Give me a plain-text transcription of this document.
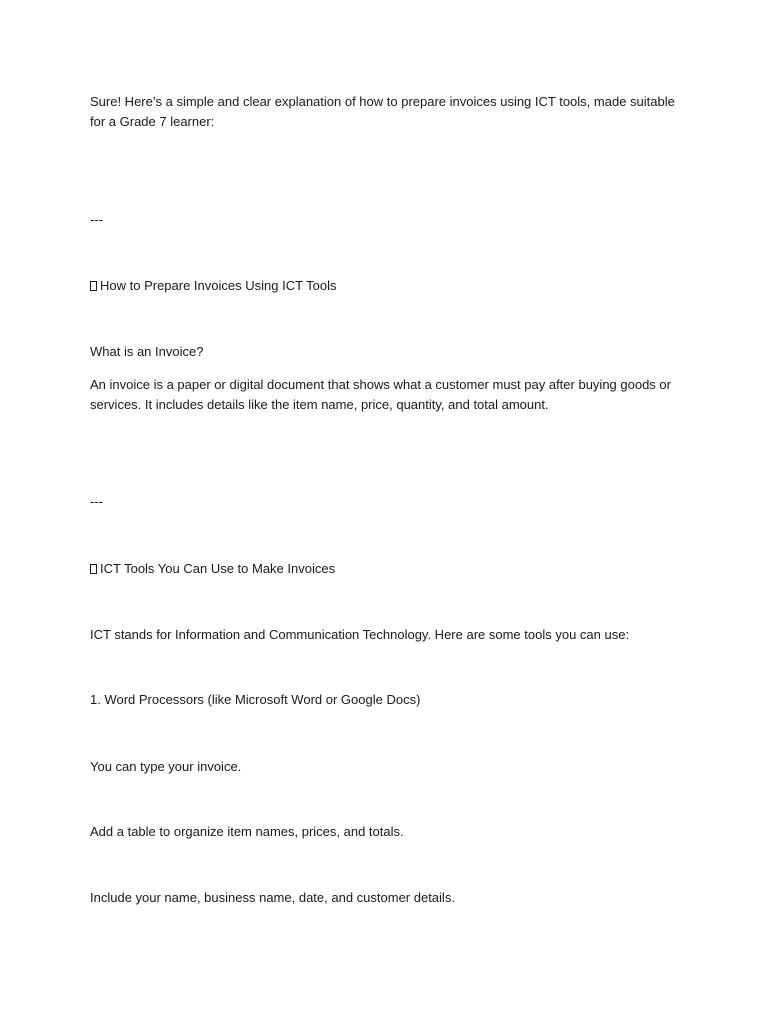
Sure! Here’s a simple and clear explanation of how to prepare invoices using ICT tools, made suitable for a Grade 7 learner:

---

How to Prepare Invoices Using ICT Tools

What is an Invoice?

An invoice is a paper or digital document that shows what a customer must pay after buying goods or services. It includes details like the item name, price, quantity, and total amount.

---

ICT Tools You Can Use to Make Invoices

ICT stands for Information and Communication Technology. Here are some tools you can use:

1. Word Processors (like Microsoft Word or Google Docs)

You can type your invoice.

Add a table to organize item names, prices, and totals.

Include your name, business name, date, and customer details.
